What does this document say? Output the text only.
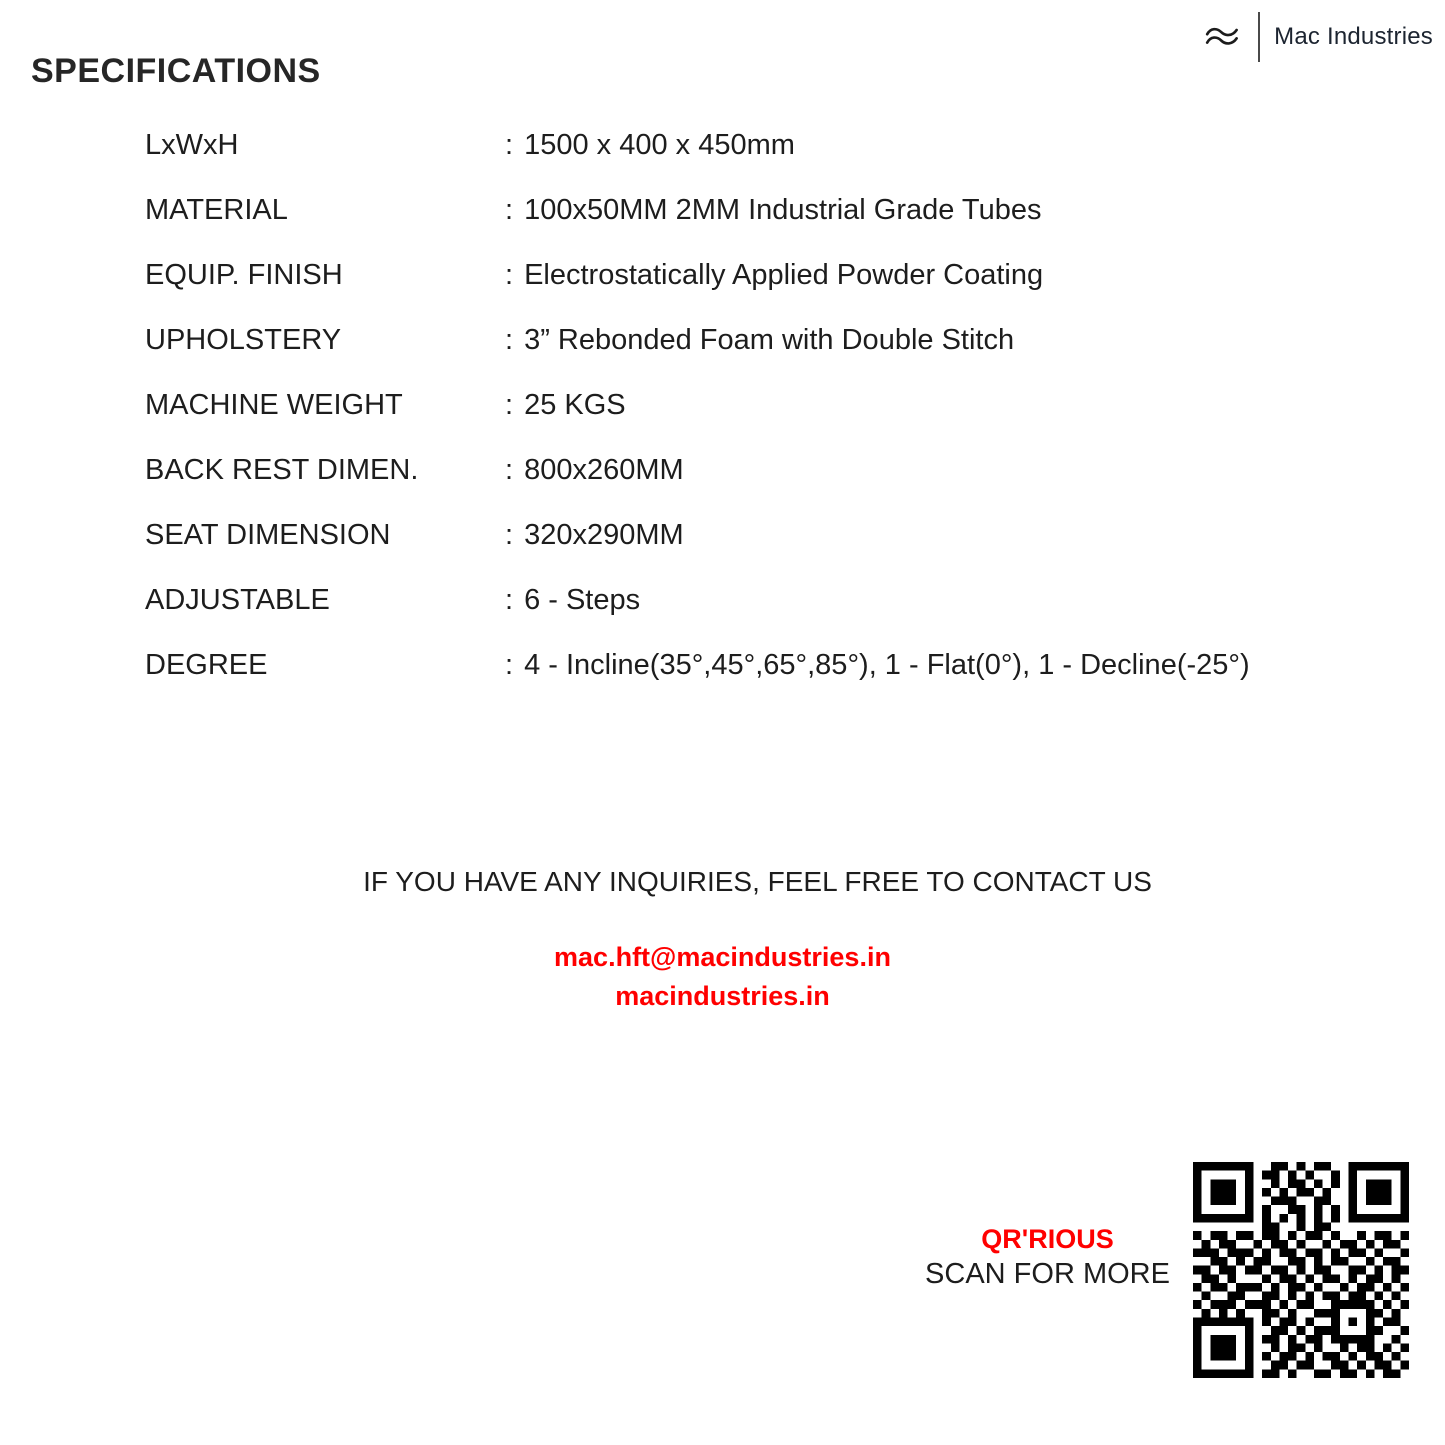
Mac Industries
SPECIFICATIONS
LxWxH	: 1500 x 400 x 450mm
MATERIAL	: 100x50MM 2MM Industrial Grade Tubes
EQUIP. FINISH	: Electrostatically Applied Powder Coating
UPHOLSTERY	: 3” Rebonded Foam with Double Stitch
MACHINE WEIGHT	: 25 KGS
BACK REST DIMEN.	: 800x260MM
SEAT DIMENSION	: 320x290MM
ADJUSTABLE	: 6 - Steps
DEGREE	: 4 - Incline(35°,45°,65°,85°), 1 - Flat(0°), 1 - Decline(-25°)
IF YOU HAVE ANY INQUIRIES, FEEL FREE TO CONTACT US
mac.hft@macindustries.in
macindustries.in
QR'RIOUS
SCAN FOR MORE
